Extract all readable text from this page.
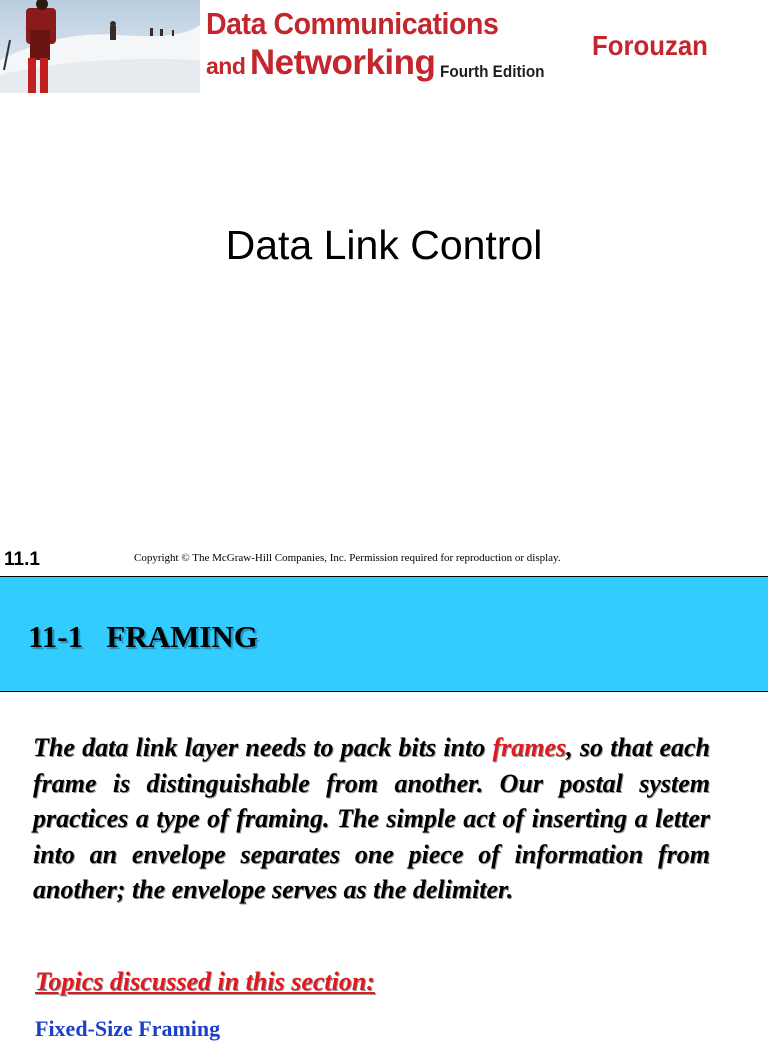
Data Communications
and Networking Fourth Edition
Forouzan
Data Link Control
11.1	Copyright © The McGraw-Hill Companies, Inc. Permission required for reproduction or display.
11-1 FRAMING
The data link layer needs to pack bits into frames, so that each frame is distinguishable from another. Our postal system practices a type of framing. The simple act of inserting a letter into an envelope separates one piece of information from another; the envelope serves as the delimiter.
Topics discussed in this section:
Fixed-Size Framing
